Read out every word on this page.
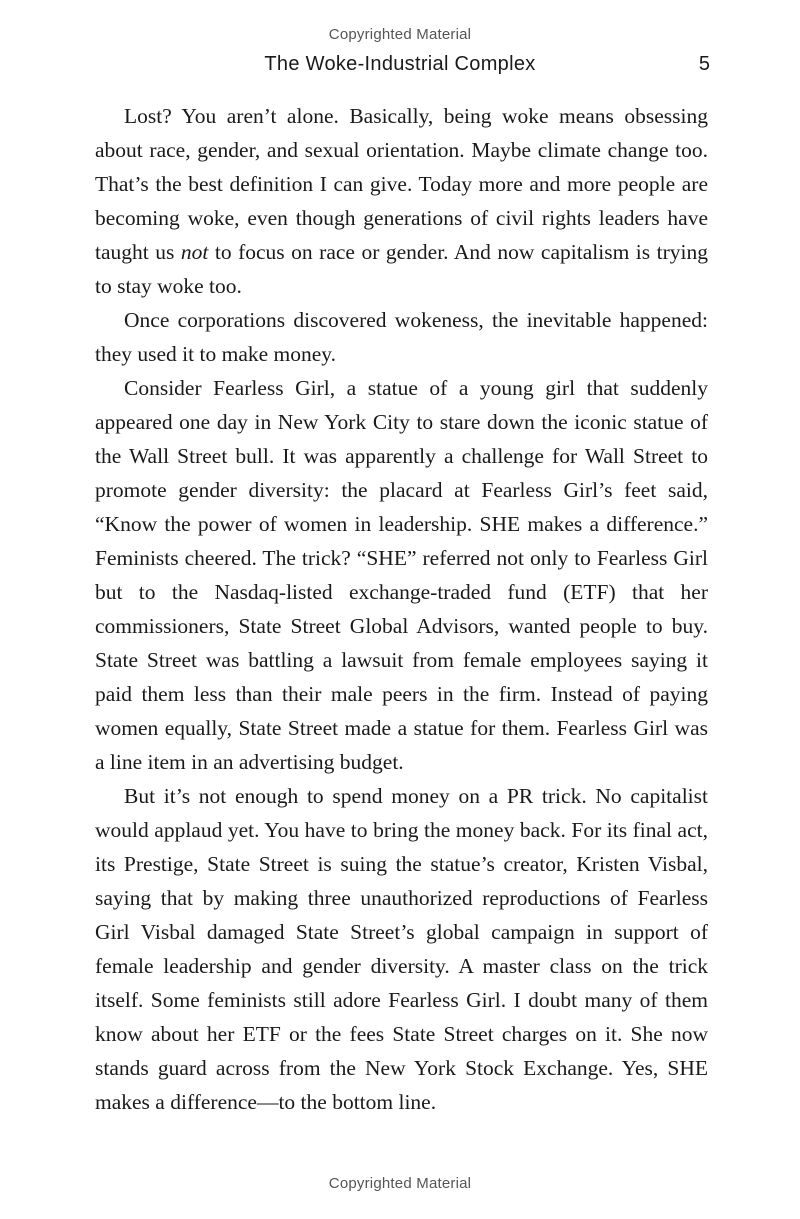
Copyrighted Material
The Woke-Industrial Complex	5

Lost? You aren’t alone. Basically, being woke means obsessing about race, gender, and sexual orientation. Maybe climate change too. That’s the best definition I can give. Today more and more people are becoming woke, even though generations of civil rights leaders have taught us not to focus on race or gender. And now capitalism is trying to stay woke too.

Once corporations discovered wokeness, the inevitable happened: they used it to make money.

Consider Fearless Girl, a statue of a young girl that suddenly appeared one day in New York City to stare down the iconic statue of the Wall Street bull. It was apparently a challenge for Wall Street to promote gender diversity: the placard at Fearless Girl’s feet said, “Know the power of women in leadership. SHE makes a difference.” Feminists cheered. The trick? “SHE” referred not only to Fearless Girl but to the Nasdaq-listed exchange-traded fund (ETF) that her commissioners, State Street Global Advisors, wanted people to buy. State Street was battling a lawsuit from female employees saying it paid them less than their male peers in the firm. Instead of paying women equally, State Street made a statue for them. Fearless Girl was a line item in an advertising budget.

But it’s not enough to spend money on a PR trick. No capitalist would applaud yet. You have to bring the money back. For its final act, its Prestige, State Street is suing the statue’s creator, Kristen Visbal, saying that by making three unauthorized reproductions of Fearless Girl Visbal damaged State Street’s global campaign in support of female leadership and gender diversity. A master class on the trick itself. Some feminists still adore Fearless Girl. I doubt many of them know about her ETF or the fees State Street charges on it. She now stands guard across from the New York Stock Exchange. Yes, SHE makes a difference—to the bottom line.

Copyrighted Material
